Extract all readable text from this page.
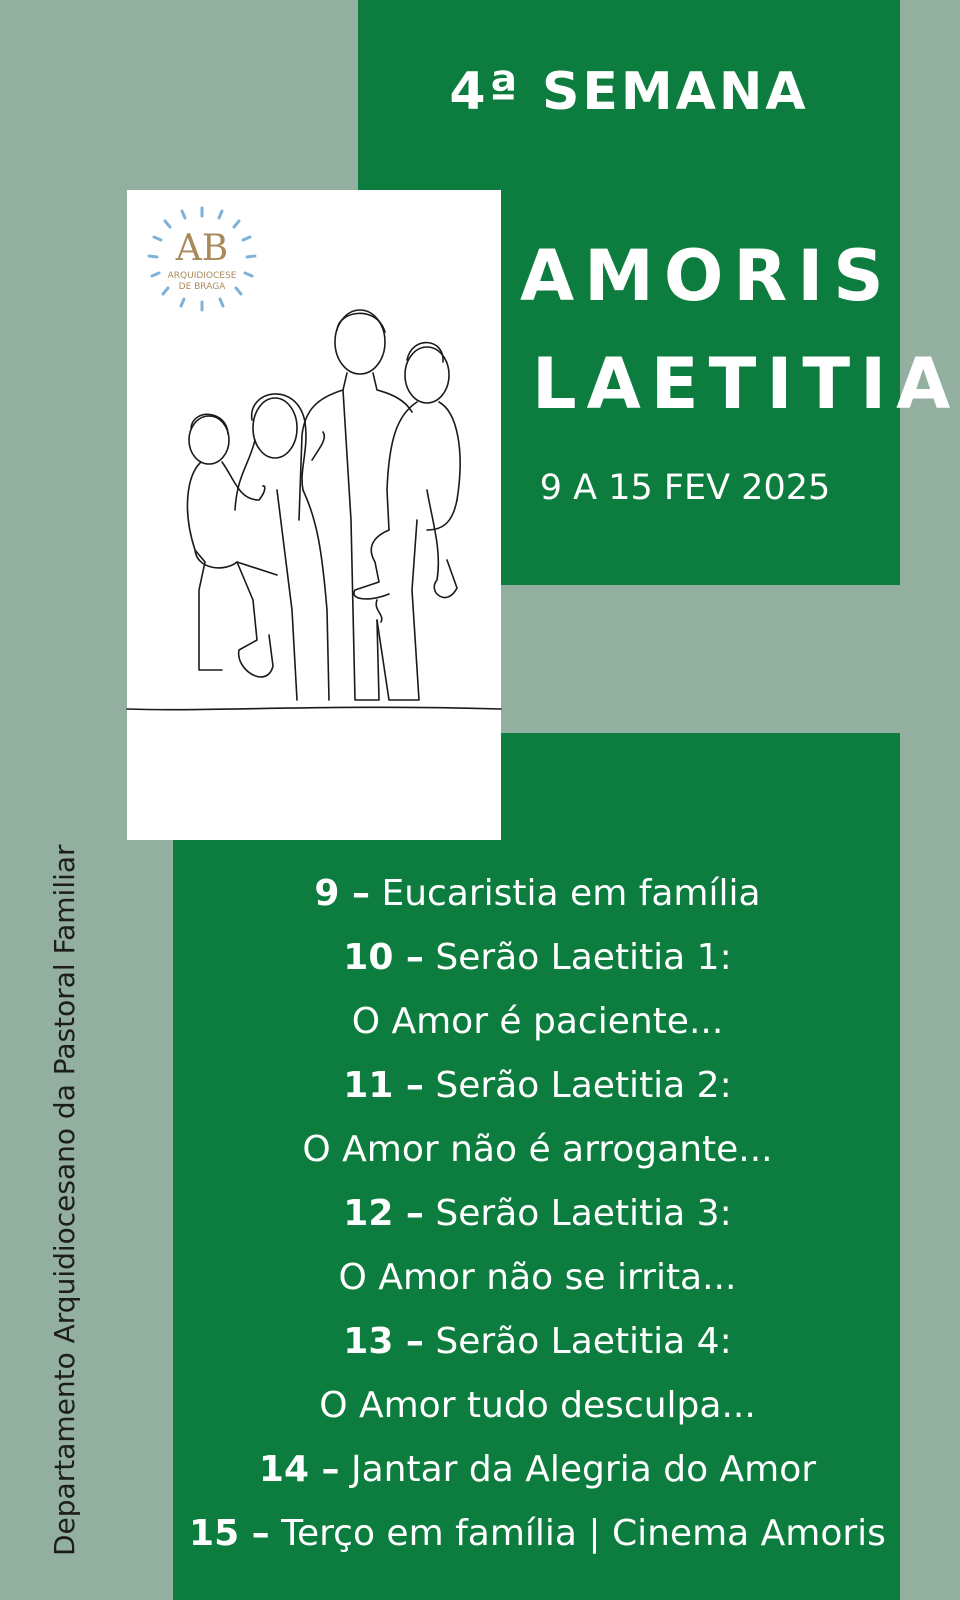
4ª SEMANA
AMORIS
LAETITIA
9 A 15 FEV 2025
AB
ARQUIDIOCESE
DE BRAGA
Departamento Arquidiocesano da Pastoral Familiar	9 – Eucaristia em família
10 – Serão Laetitia 1:
O Amor é paciente...
11 – Serão Laetitia 2:
O Amor não é arrogante...
12 – Serão Laetitia 3:
O Amor não se irrita...
13 – Serão Laetitia 4:
O Amor tudo desculpa...
14 – Jantar da Alegria do Amor
15 – Terço em família | Cinema Amoris
